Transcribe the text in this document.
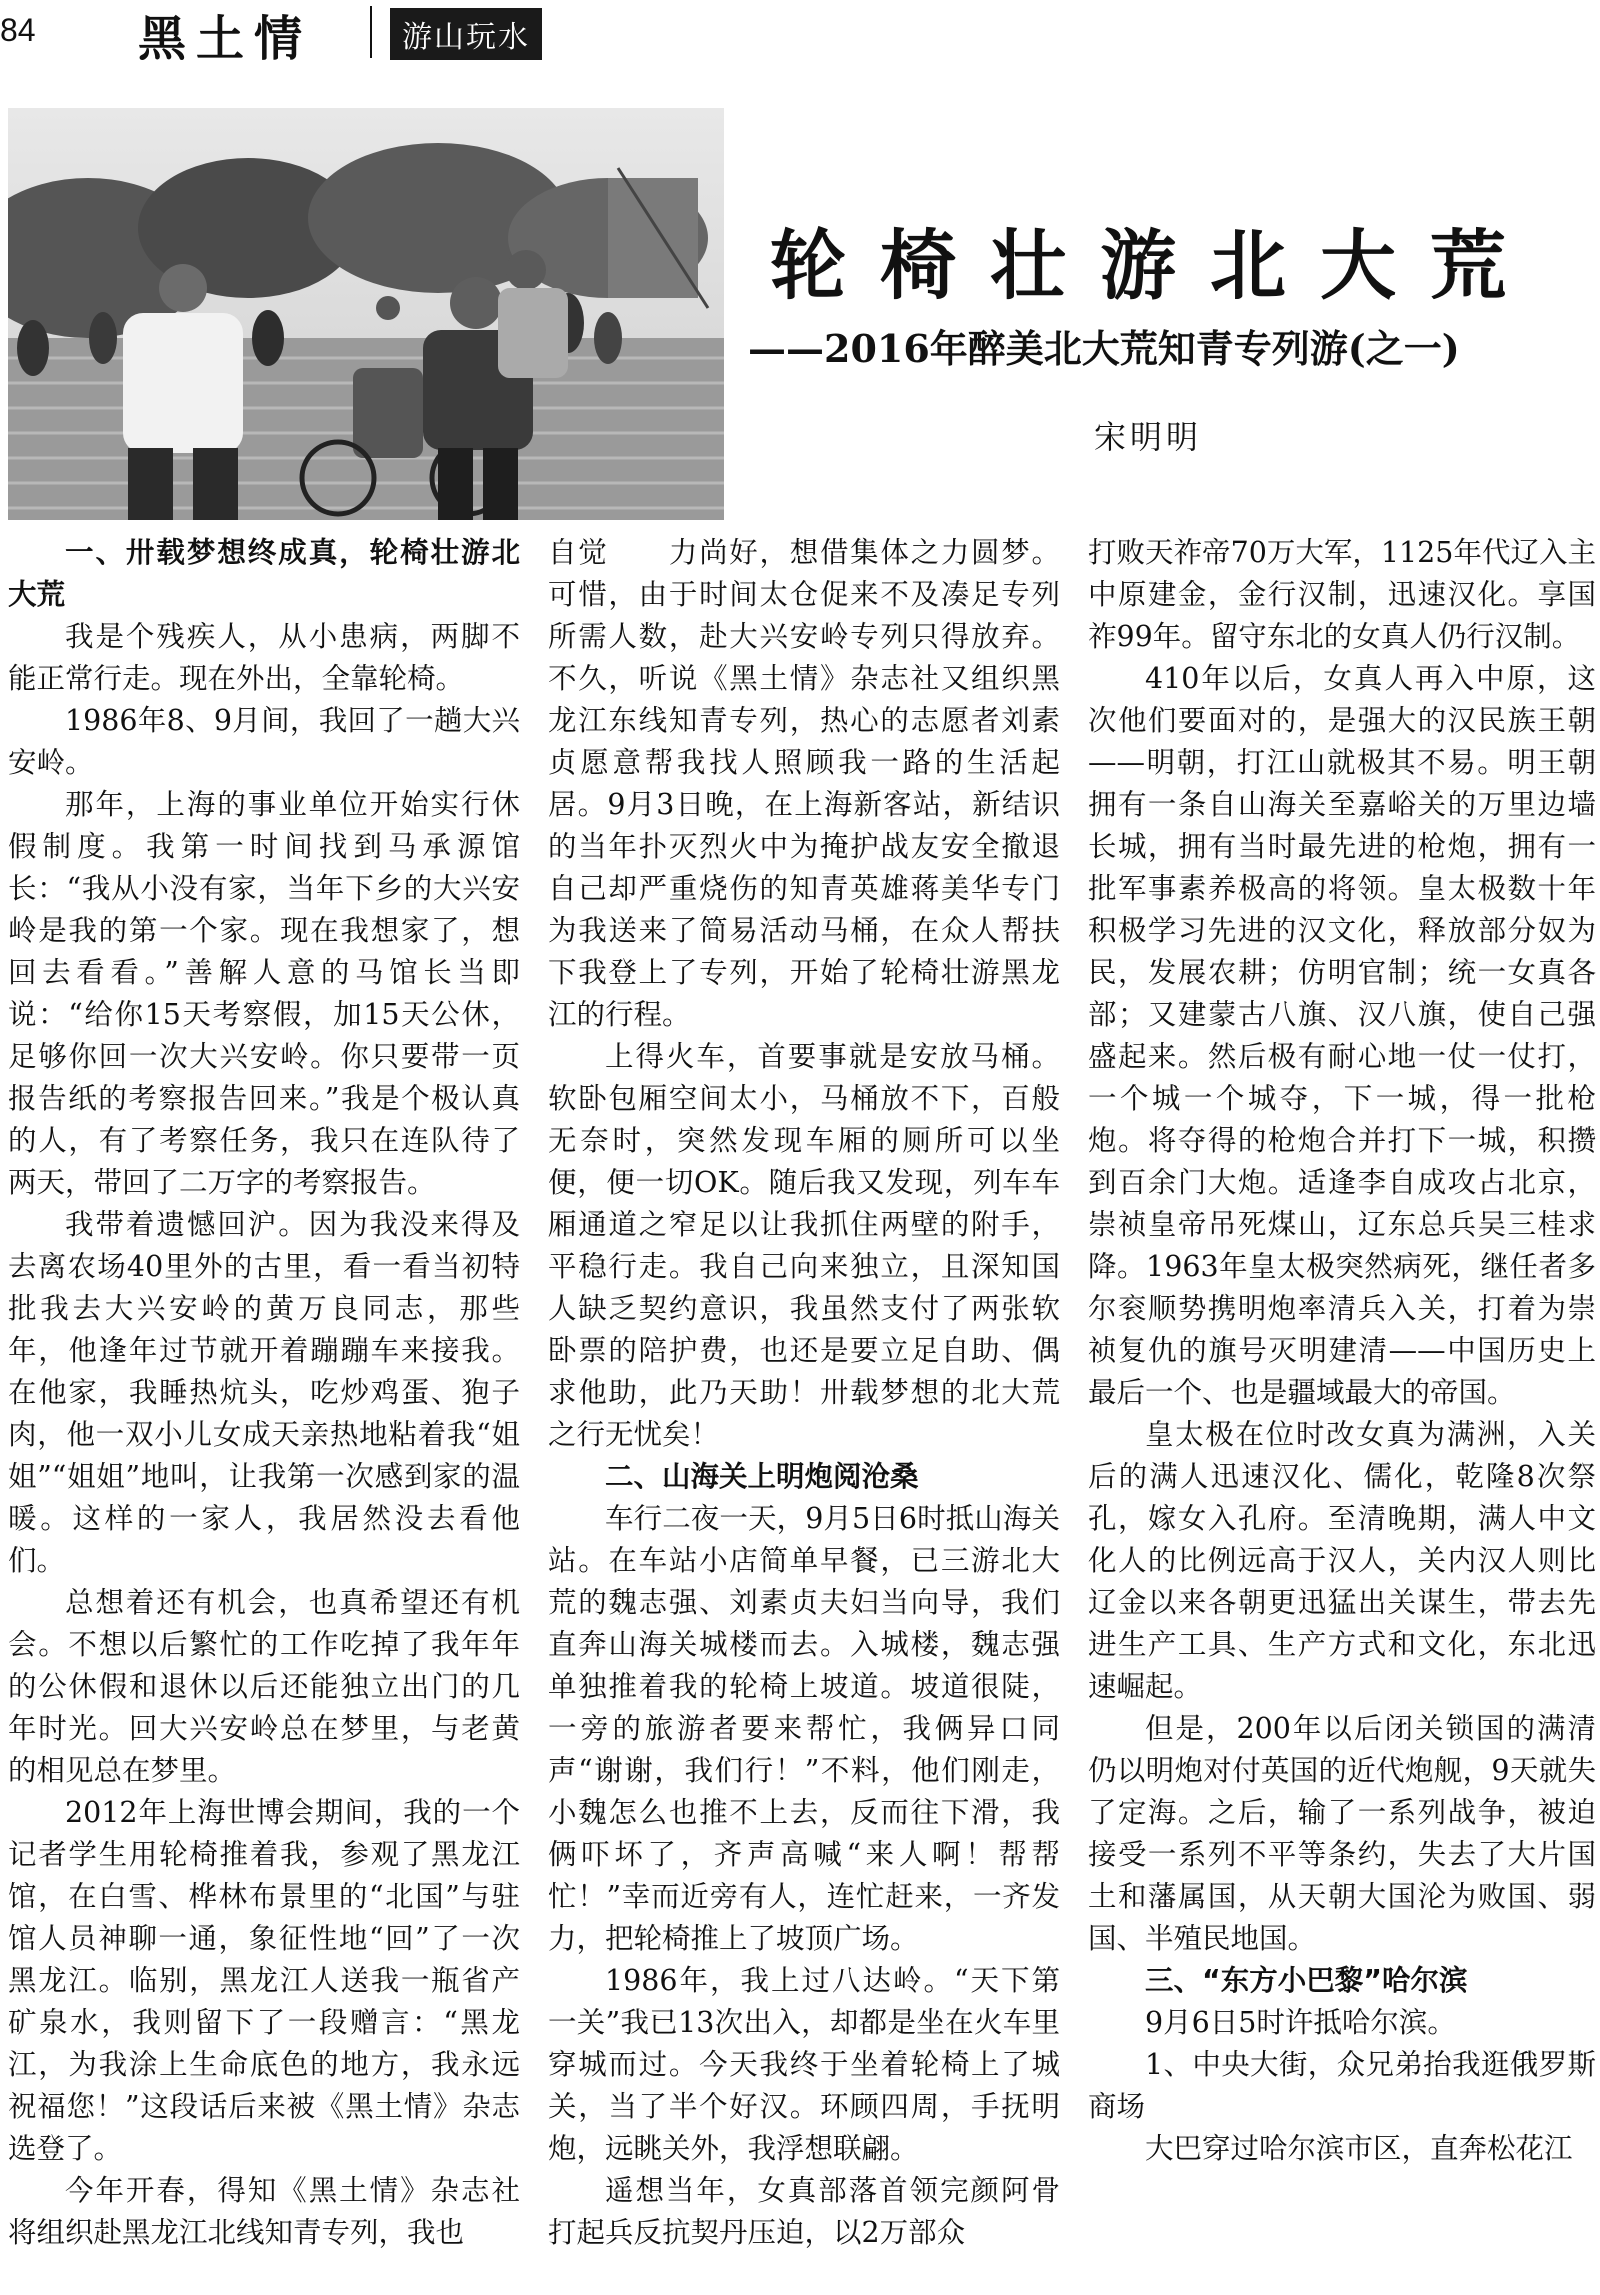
84 黑土情	游山玩水
轮椅壮游北大荒
——2016年醉美北大荒知青专列游(之一)
宋明明
一、卅载梦想终成真，轮椅壮游北大荒

我是个残疾人，从小患病，两脚不能正常行走。现在外出，全靠轮椅。

1986年8、9月间，我回了一趟大兴安岭。

那年，上海的事业单位开始实行休假制度。我第一时间找到马承源馆长：“我从小没有家，当年下乡的大兴安岭是我的第一个家。现在我想家了，想回去看看。”善解人意的马馆长当即说：“给你15天考察假，加15天公休，足够你回一次大兴安岭。你只要带一页报告纸的考察报告回来。”我是个极认真的人，有了考察任务，我只在连队待了两天，带回了二万字的考察报告。

我带着遗憾回沪。因为我没来得及去离农场40里外的古里，看一看当初特批我去大兴安岭的黄万良同志，那些年，他逢年过节就开着蹦蹦车来接我。在他家，我睡热炕头，吃炒鸡蛋、狍子肉，他一双小儿女成天亲热地粘着我“姐姐”“姐姐”地叫，让我第一次感到家的温暖。这样的一家人，我居然没去看他们。

总想着还有机会，也真希望还有机会。不想以后繁忙的工作吃掉了我年年的公休假和退休以后还能独立出门的几年时光。回大兴安岭总在梦里，与老黄的相见总在梦里。

2012年上海世博会期间，我的一个记者学生用轮椅推着我，参观了黑龙江馆，在白雪、桦林布景里的“北国”与驻馆人员神聊一通，象征性地“回”了一次黑龙江。临别，黑龙江人送我一瓶省产矿泉水，我则留下了一段赠言：“黑龙江，为我涂上生命底色的地方，我永远祝福您！”这段话后来被《黑土情》杂志选登了。

今年开春，得知《黑土情》杂志社将组织赴黑龙江北线知青专列，我也

自觉　　力尚好，想借集体之力圆梦。可惜，由于时间太仓促来不及凑足专列所需人数，赴大兴安岭专列只得放弃。不久，听说《黑土情》杂志社又组织黑龙江东线知青专列，热心的志愿者刘素贞愿意帮我找人照顾我一路的生活起居。9月3日晚，在上海新客站，新结识的当年扑灭烈火中为掩护战友安全撤退自己却严重烧伤的知青英雄蒋美华专门为我送来了简易活动马桶，在众人帮扶下我登上了专列，开始了轮椅壮游黑龙江的行程。

上得火车，首要事就是安放马桶。软卧包厢空间太小，马桶放不下，百般无奈时，突然发现车厢的厕所可以坐便，便一切OK。随后我又发现，列车车厢通道之窄足以让我抓住两壁的附手，平稳行走。我自己向来独立，且深知国人缺乏契约意识，我虽然支付了两张软卧票的陪护费，也还是要立足自助、偶求他助，此乃天助！卅载梦想的北大荒之行无忧矣！

二、山海关上明炮阅沧桑

车行二夜一天，9月5日6时抵山海关站。在车站小店简单早餐，已三游北大荒的魏志强、刘素贞夫妇当向导，我们直奔山海关城楼而去。入城楼，魏志强单独推着我的轮椅上坡道。坡道很陡，一旁的旅游者要来帮忙，我俩异口同声“谢谢，我们行！”不料，他们刚走，小魏怎么也推不上去，反而往下滑，我俩吓坏了，齐声高喊“来人啊！帮帮忙！”幸而近旁有人，连忙赶来，一齐发力，把轮椅推上了坡顶广场。

1986年，我上过八达岭。“天下第一关”我已13次出入，却都是坐在火车里穿城而过。今天我终于坐着轮椅上了城关，当了半个好汉。环顾四周，手抚明炮，远眺关外，我浮想联翩。

遥想当年，女真部落首领完颜阿骨打起兵反抗契丹压迫，以2万部众

打败天祚帝70万大军，1125年代辽入主中原建金，金行汉制，迅速汉化。享国祚99年。留守东北的女真人仍行汉制。

410年以后，女真人再入中原，这次他们要面对的，是强大的汉民族王朝——明朝，打江山就极其不易。明王朝拥有一条自山海关至嘉峪关的万里边墙长城，拥有当时最先进的枪炮，拥有一批军事素养极高的将领。皇太极数十年积极学习先进的汉文化，释放部分奴为民，发展农耕；仿明官制；统一女真各部；又建蒙古八旗、汉八旗，使自己强盛起来。然后极有耐心地一仗一仗打，一个城一个城夺，下一城，得一批枪炮。将夺得的枪炮合并打下一城，积攒到百余门大炮。适逢李自成攻占北京，崇祯皇帝吊死煤山，辽东总兵吴三桂求降。1963年皇太极突然病死，继任者多尔衮顺势携明炮率清兵入关，打着为崇祯复仇的旗号灭明建清——中国历史上最后一个、也是疆域最大的帝国。

皇太极在位时改女真为满洲，入关后的满人迅速汉化、儒化，乾隆8次祭孔，嫁女入孔府。至清晚期，满人中文化人的比例远高于汉人，关内汉人则比辽金以来各朝更迅猛出关谋生，带去先进生产工具、生产方式和文化，东北迅速崛起。

但是，200年以后闭关锁国的满清仍以明炮对付英国的近代炮舰，9天就失了定海。之后，输了一系列战争，被迫接受一系列不平等条约，失去了大片国土和藩属国，从天朝大国沦为败国、弱国、半殖民地国。

三、“东方小巴黎”哈尔滨

9月6日5时许抵哈尔滨。

1、中央大街，众兄弟抬我逛俄罗斯商场

大巴穿过哈尔滨市区，直奔松花江
